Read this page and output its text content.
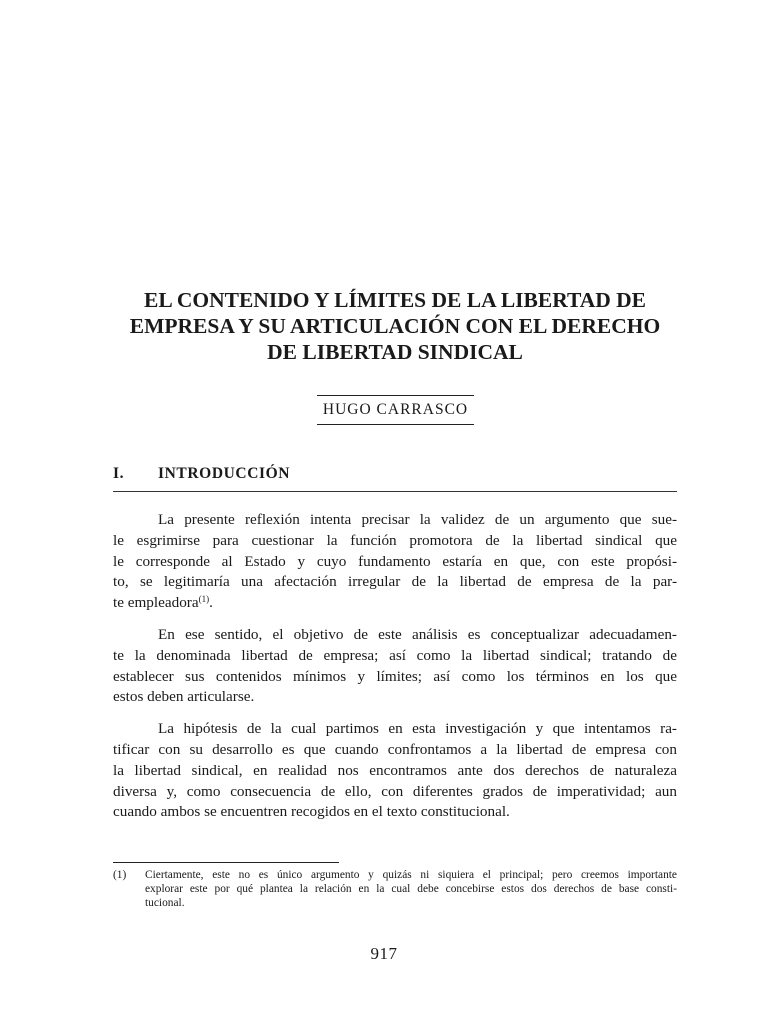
EL CONTENIDO Y LÍMITES DE LA LIBERTAD DE
EMPRESA Y SU ARTICULACIÓN CON EL DERECHO
DE LIBERTAD SINDICAL
HUGO CARRASCO
I.	INTRODUCCIÓN
La presente reflexión intenta precisar la validez de un argumento que sue-
le esgrimirse para cuestionar la función promotora de la libertad sindical que
le corresponde al Estado y cuyo fundamento estaría en que, con este propósi-
to, se legitimaría una afectación irregular de la libertad de empresa de la par-
te empleadora$^{(1)}$.
En ese sentido, el objetivo de este análisis es conceptualizar adecuadamen-
te la denominada libertad de empresa; así como la libertad sindical; tratando de
establecer sus contenidos mínimos y límites; así como los términos en los que
estos deben articularse.
La hipótesis de la cual partimos en esta investigación y que intentamos ra-
tificar con su desarrollo es que cuando confrontamos a la libertad de empresa con
la libertad sindical, en realidad nos encontramos ante dos derechos de naturaleza
diversa y, como consecuencia de ello, con diferentes grados de imperatividad; aun
cuando ambos se encuentren recogidos en el texto constitucional.
(1)	Ciertamente, este no es único argumento y quizás ni siquiera el principal; pero creemos importante
explorar este por qué plantea la relación en la cual debe concebirse estos dos derechos de base consti-
tucional.
917
